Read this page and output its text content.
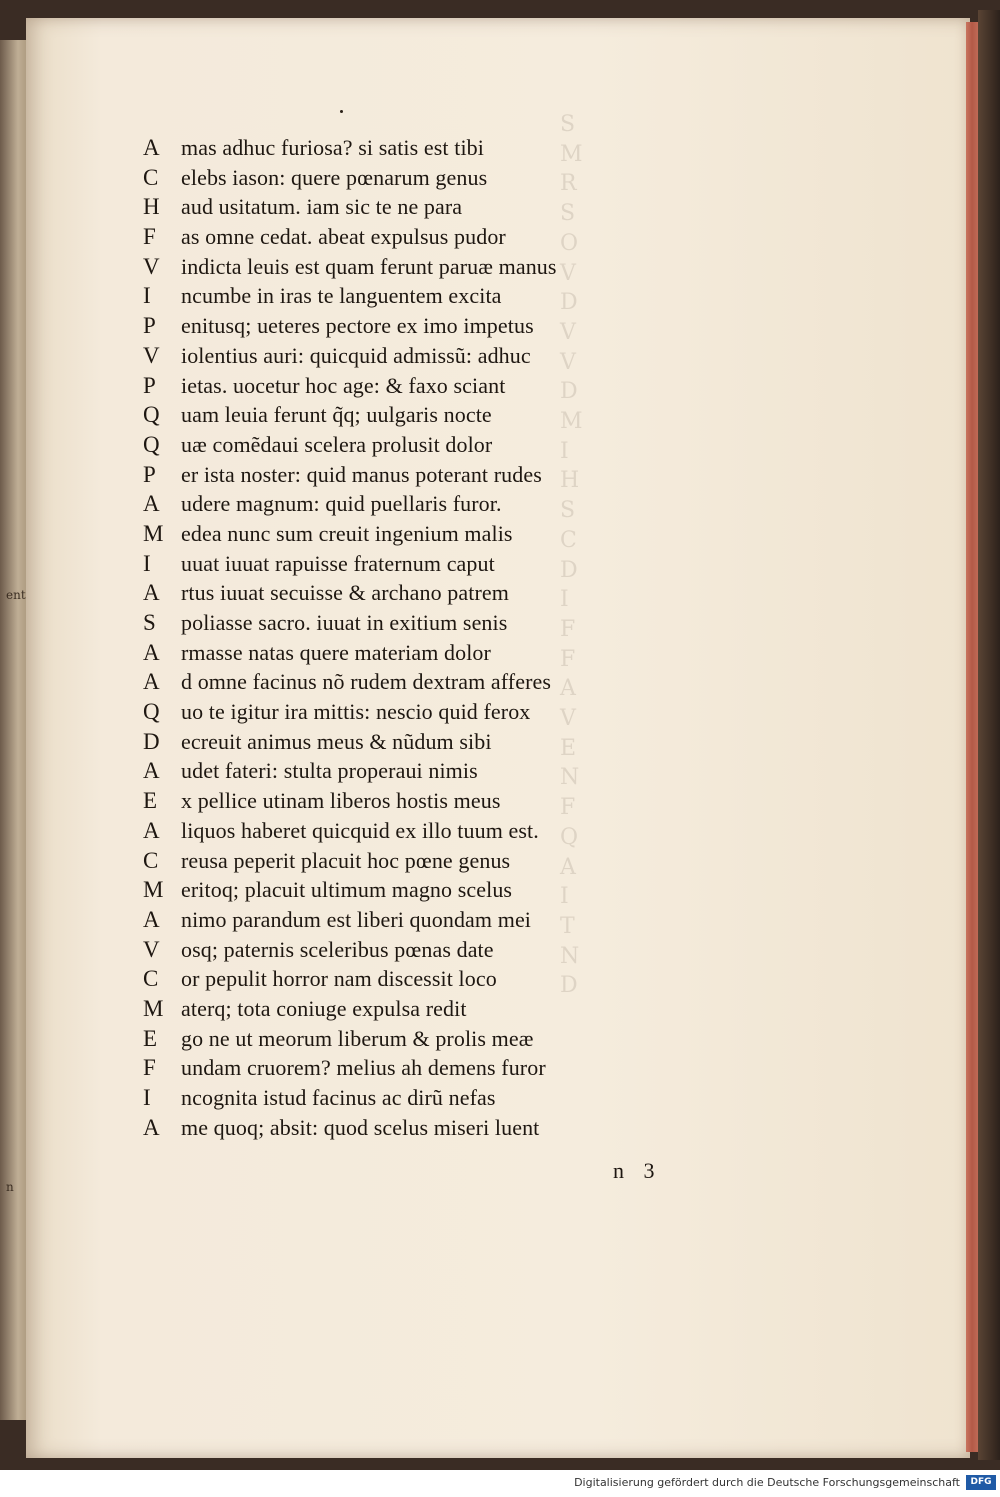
ent
n
S
M
R
S
O
V
D
V
V
D
M
I
H
S
C
D
I
F
F
A
V
E
N
F
Q
A
I
T
N
D
A mas adhuc furiosa? si satis est tibi
C	elebs iason: quere pœnarum genus
H aud usitatum. iam sic te ne para
F	as omne cedat. abeat expulsus pudor
V indicta leuis est quam ferunt paruæ manus
I	ncumbe in iras te languentem excita
P	enitusq; ueteres pectore ex imo impetus
V iolentius auri: quicquid admissũ: adhuc
P	ietas. uocetur hoc age: & faxo sciant
Q uam leuia ferunt q̃q; uulgaris nocte
Q uæ comẽdaui scelera prolusit dolor
P	er ista noster: quid manus poterant rudes
A udere magnum: quid puellaris furor.
M edea nunc sum creuit ingenium malis
I	uuat iuuat rapuisse fraternum caput
A rtus iuuat secuisse & archano patrem
S	poliasse sacro. iuuat in exitium senis
A rmasse natas quere materiam dolor
A d omne facinus nõ rudem dextram afferes
Q uo te igitur ira mittis: nescio quid ferox
D ecreuit animus meus & nũdum sibi
A udet fateri: stulta properaui nimis
E	x pellice utinam liberos hostis meus
A liquos haberet quicquid ex illo tuum est.
C	reusa peperit placuit hoc pœne genus
M eritoq; placuit ultimum magno scelus
A nimo parandum est liberi quondam mei
V osq; paternis sceleribus pœnas date
C	or pepulit horror nam discessit loco
M aterq; tota coniuge expulsa redit
E	go ne ut meorum liberum & prolis meæ
F	undam cruorem? melius ah demens furor
I	ncognita istud facinus ac dirũ nefas
A me quoq; absit: quod scelus miseri luent
n 3
Digitalisierung gefördert durch die Deutsche Forschungsgemeinschaft	DFG
